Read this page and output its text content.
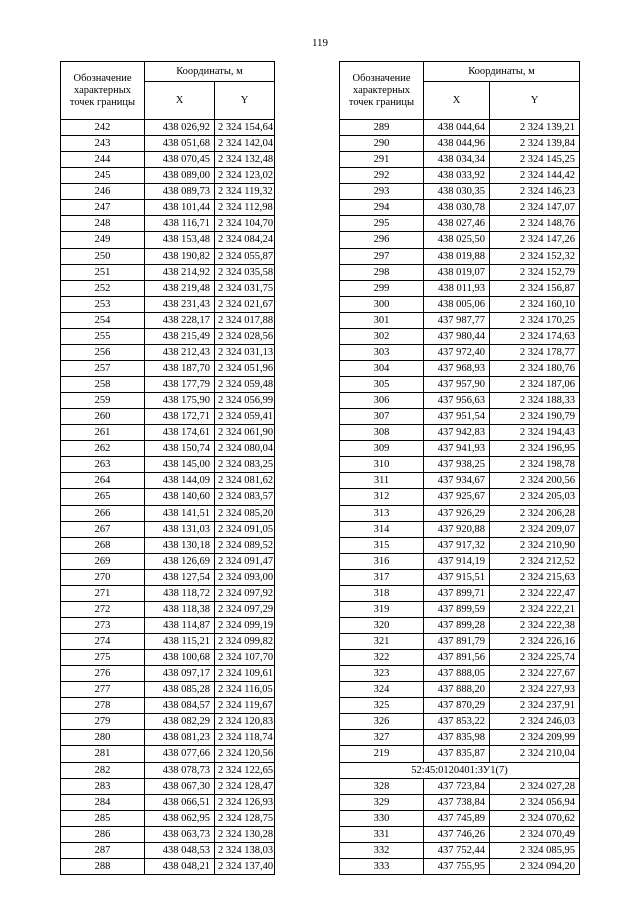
119
Обозначение характерных точек границы	Координаты, м	
	X	Y
242	438 026,92	2 324 154,64
243	438 051,68	2 324 142,04
244	438 070,45	2 324 132,48
245	438 089,00	2 324 123,02
246	438 089,73	2 324 119,32
247	438 101,44	2 324 112,98
248	438 116,71	2 324 104,70
249	438 153,48	2 324 084,24
250	438 190,82	2 324 055,87
251	438 214,92	2 324 035,58
252	438 219,48	2 324 031,75
253	438 231,43	2 324 021,67
254	438 228,17	2 324 017,88
255	438 215,49	2 324 028,56
256	438 212,43	2 324 031,13
257	438 187,70	2 324 051,96
258	438 177,79	2 324 059,48
259	438 175,90	2 324 056,99
260	438 172,71	2 324 059,41
261	438 174,61	2 324 061,90
262	438 150,74	2 324 080,04
263	438 145,00	2 324 083,25
264	438 144,09	2 324 081,62
265	438 140,60	2 324 083,57
266	438 141,51	2 324 085,20
267	438 131,03	2 324 091,05
268	438 130,18	2 324 089,52
269	438 126,69	2 324 091,47
270	438 127,54	2 324 093,00
271	438 118,72	2 324 097,92
272	438 118,38	2 324 097,29
273	438 114,87	2 324 099,19
274	438 115,21	2 324 099,82
275	438 100,68	2 324 107,70
276	438 097,17	2 324 109,61
277	438 085,28	2 324 116,05
278	438 084,57	2 324 119,67
279	438 082,29	2 324 120,83
280	438 081,23	2 324 118,74
281	438 077,66	2 324 120,56
282	438 078,73	2 324 122,65
283	438 067,30	2 324 128,47
284	438 066,51	2 324 126,93
285	438 062,95	2 324 128,75
286	438 063,73	2 324 130,28
287	438 048,53	2 324 138,03
288	438 048,21	2 324 137,40
Обозначение характерных точек границы	Координаты, м	
	X	Y
289	438 044,64	2 324 139,21
290	438 044,96	2 324 139,84
291	438 034,34	2 324 145,25
292	438 033,92	2 324 144,42
293	438 030,35	2 324 146,23
294	438 030,78	2 324 147,07
295	438 027,46	2 324 148,76
296	438 025,50	2 324 147,26
297	438 019,88	2 324 152,32
298	438 019,07	2 324 152,79
299	438 011,93	2 324 156,87
300	438 005,06	2 324 160,10
301	437 987,77	2 324 170,25
302	437 980,44	2 324 174,63
303	437 972,40	2 324 178,77
304	437 968,93	2 324 180,76
305	437 957,90	2 324 187,06
306	437 956,63	2 324 188,33
307	437 951,54	2 324 190,79
308	437 942,83	2 324 194,43
309	437 941,93	2 324 196,95
310	437 938,25	2 324 198,78
311	437 934,67	2 324 200,56
312	437 925,67	2 324 205,03
313	437 926,29	2 324 206,28
314	437 920,88	2 324 209,07
315	437 917,32	2 324 210,90
316	437 914,19	2 324 212,52
317	437 915,51	2 324 215,63
318	437 899,71	2 324 222,47
319	437 899,59	2 324 222,21
320	437 899,28	2 324 222,38
321	437 891,79	2 324 226,16
322	437 891,56	2 324 225,74
323	437 888,05	2 324 227,67
324	437 888,20	2 324 227,93
325	437 870,29	2 324 237,91
326	437 853,22	2 324 246,03
327	437 835,98	2 324 209,99
219	437 835,87	2 324 210,04
52:45:0120401:ЗУ1(7)		
328	437 723,84	2 324 027,28
329	437 738,84	2 324 056,94
330	437 745,89	2 324 070,62
331	437 746,26	2 324 070,49
332	437 752,44	2 324 085,95
333	437 755,95	2 324 094,20
